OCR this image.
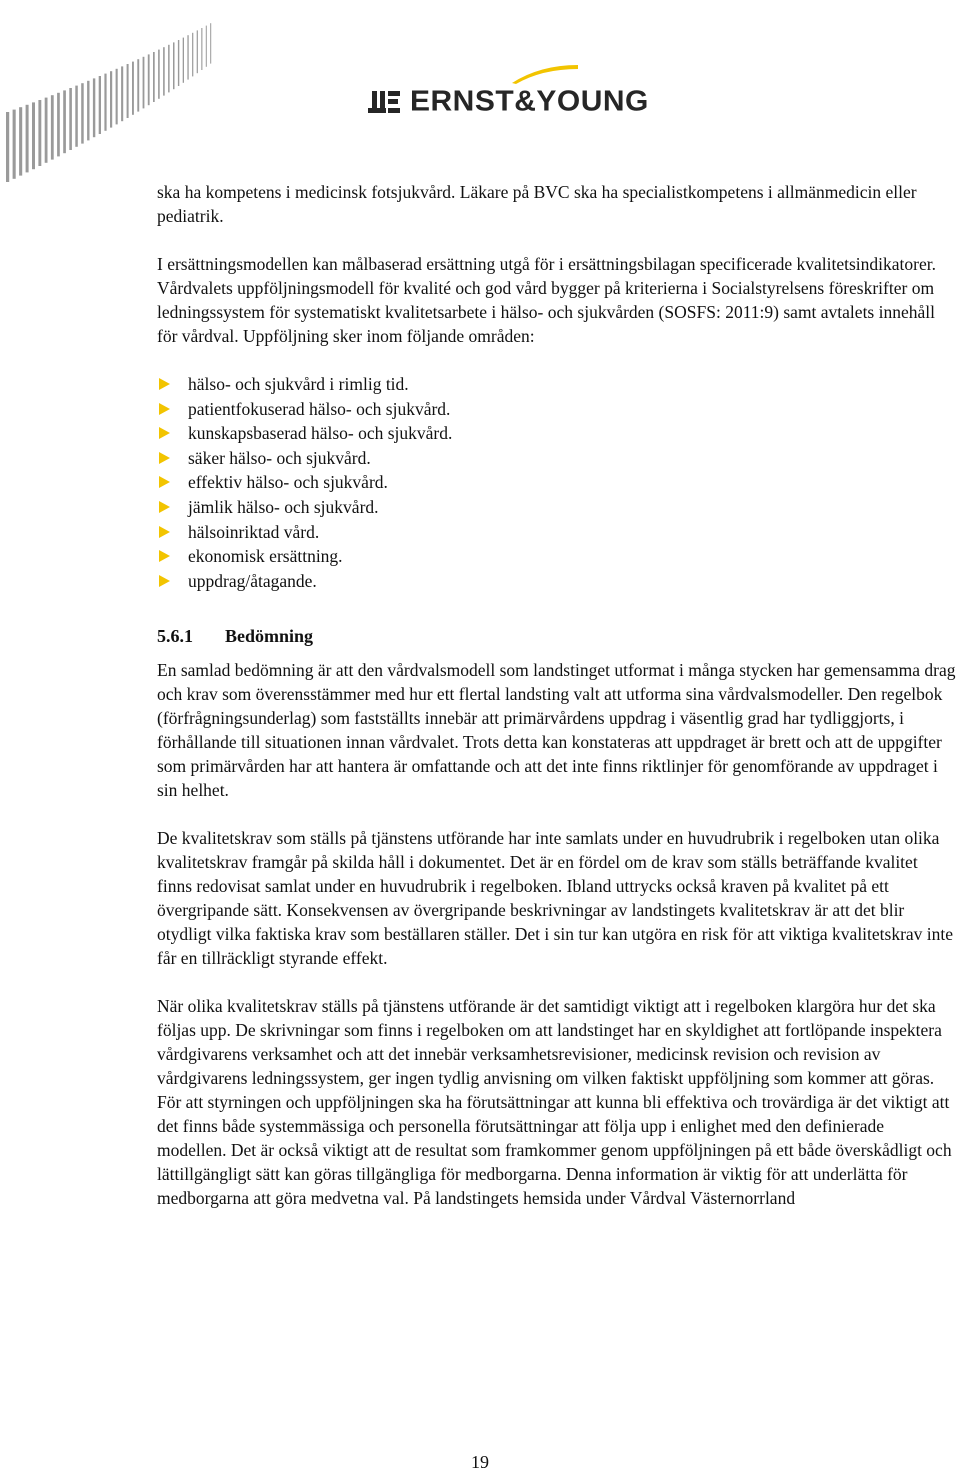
ERNST&YOUNG

ska ha kompetens i medicinsk fotsjukvård. Läkare på BVC ska ha specialistkompetens i allmänmedicin eller pediatrik.

I ersättningsmodellen kan målbaserad ersättning utgå för i ersättningsbilagan specificerade kvalitetsindikatorer. Vårdvalets uppföljningsmodell för kvalité och god vård bygger på kriterierna i Socialstyrelsens föreskrifter om ledningssystem för systematiskt kvalitetsarbete i hälso- och sjukvården (SOSFS: 2011:9) samt avtalets innehåll för vårdval. Uppföljning sker inom följande områden:

hälso- och sjukvård i rimlig tid.
patientfokuserad hälso- och sjukvård.
kunskapsbaserad hälso- och sjukvård.
säker hälso- och sjukvård.
effektiv hälso- och sjukvård.
jämlik hälso- och sjukvård.
hälsoinriktad vård.
ekonomisk ersättning.
uppdrag/åtagande.
5.6.1 Bedömning

En samlad bedömning är att den vårdvalsmodell som landstinget utformat i många stycken har gemensamma drag och krav som överensstämmer med hur ett flertal landsting valt att utforma sina vårdvalsmodeller. Den regelbok (förfrågningsunderlag) som fastställts innebär att primärvårdens uppdrag i väsentlig grad har tydliggjorts, i förhållande till situationen innan vårdvalet. Trots detta kan konstateras att uppdraget är brett och att de uppgifter som primärvården har att hantera är omfattande och att det inte finns riktlinjer för genomförande av uppdraget i sin helhet.

De kvalitetskrav som ställs på tjänstens utförande har inte samlats under en huvudrubrik i regelboken utan olika kvalitetskrav framgår på skilda håll i dokumentet. Det är en fördel om de krav som ställs beträffande kvalitet finns redovisat samlat under en huvudrubrik i regelboken. Ibland uttrycks också kraven på kvalitet på ett övergripande sätt. Konsekvensen av övergripande beskrivningar av landstingets kvalitetskrav är att det blir otydligt vilka faktiska krav som beställaren ställer. Det i sin tur kan utgöra en risk för att viktiga kvalitetskrav inte får en tillräckligt styrande effekt.

När olika kvalitetskrav ställs på tjänstens utförande är det samtidigt viktigt att i regelboken klargöra hur det ska följas upp. De skrivningar som finns i regelboken om att landstinget har en skyldighet att fortlöpande inspektera vårdgivarens verksamhet och att det innebär verksamhetsrevisioner, medicinsk revision och revision av vårdgivarens ledningssystem, ger ingen tydlig anvisning om vilken faktiskt uppföljning som kommer att göras.

För att styrningen och uppföljningen ska ha förutsättningar att kunna bli effektiva och trovärdiga är det viktigt att det finns både systemmässiga och personella förutsättningar att följa upp i enlighet med den definierade modellen. Det är också viktigt att de resultat som framkommer genom uppföljningen på ett både överskådligt och lättillgängligt sätt kan göras tillgängliga för medborgarna. Denna information är viktig för att underlätta för medborgarna att göra medvetna val. På landstingets hemsida under Vårdval Västernorrland

19
